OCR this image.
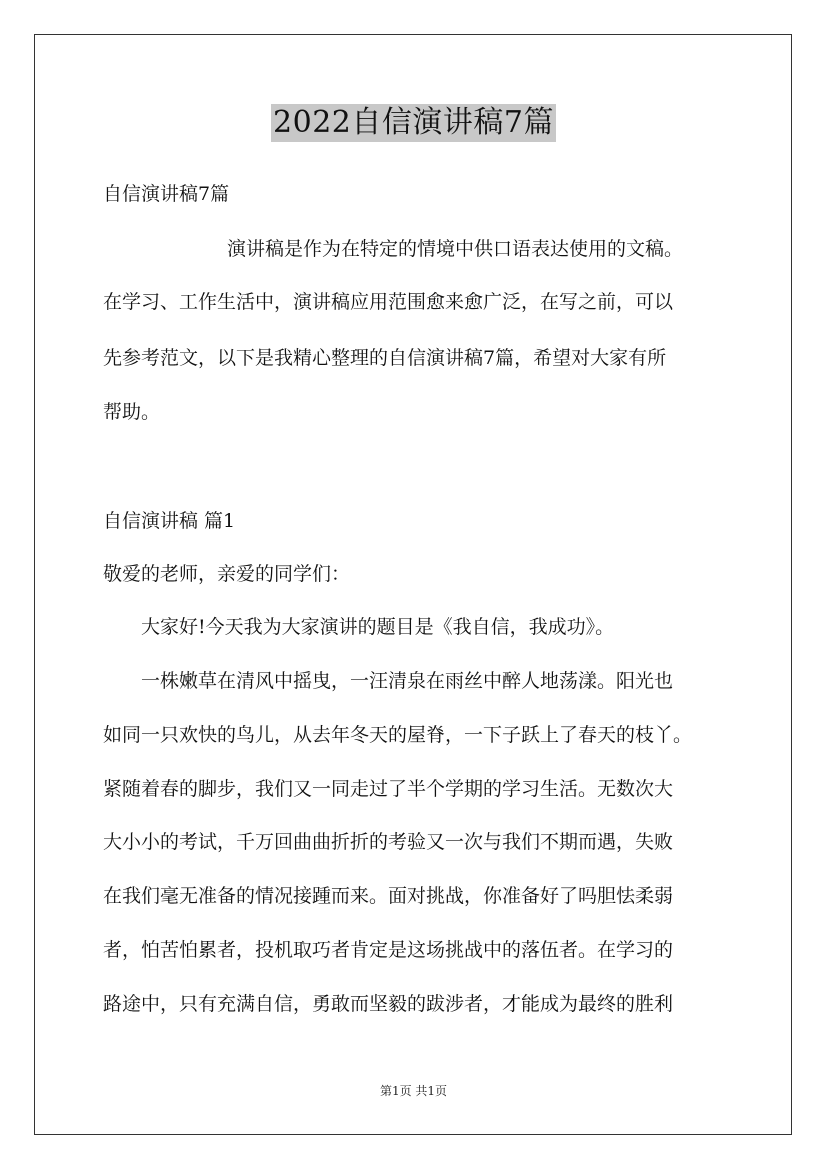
2022自信演讲稿7篇
自信演讲稿7篇
演讲稿是作为在特定的情境中供口语表达使用的文稿。
在学习、工作生活中，演讲稿应用范围愈来愈广泛，在写之前，可以
先参考范文，以下是我精心整理的自信演讲稿7篇，希望对大家有所
帮助。
自信演讲稿 篇1
敬爱的老师，亲爱的同学们：
大家好!今天我为大家演讲的题目是《我自信，我成功》。
一株嫩草在清风中摇曳，一汪清泉在雨丝中醉人地荡漾。阳光也
如同一只欢快的鸟儿，从去年冬天的屋脊，一下子跃上了春天的枝丫。
紧随着春的脚步，我们又一同走过了半个学期的学习生活。无数次大
大小小的考试，千万回曲曲折折的考验又一次与我们不期而遇，失败
在我们毫无准备的情况接踵而来。面对挑战，你准备好了吗胆怯柔弱
者，怕苦怕累者，投机取巧者肯定是这场挑战中的落伍者。在学习的
路途中，只有充满自信，勇敢而坚毅的跋涉者，才能成为最终的胜利
第1页 共1页
